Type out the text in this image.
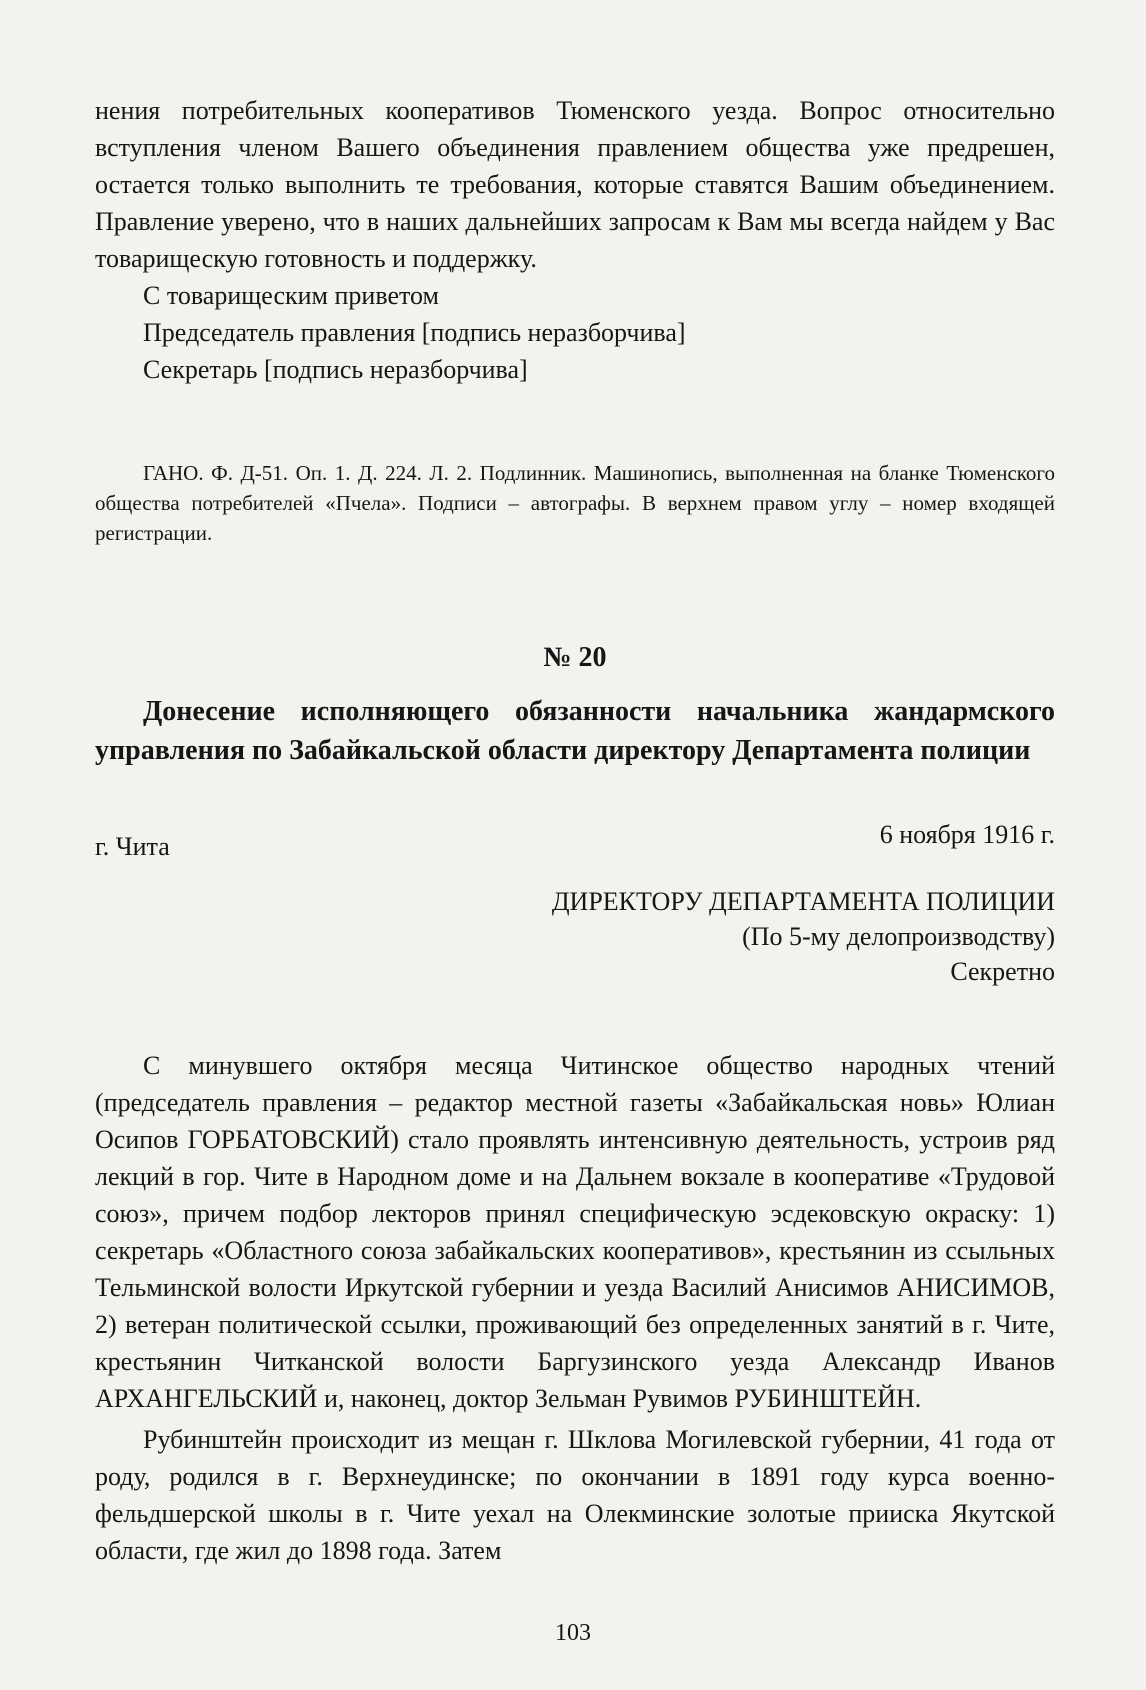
нения потребительных кооперативов Тюменского уезда. Вопрос относительно вступления членом Вашего объединения правлением общества уже предрешен, остается только выполнить те требования, которые ставятся Вашим объединением. Правление уверено, что в наших дальнейших запросам к Вам мы всегда найдем у Вас товарищескую готовность и поддержку.

С товарищеским приветом

Председатель правления [подпись неразборчива]

Секретарь [подпись неразборчива]

ГАНО. Ф. Д-51. Оп. 1. Д. 224. Л. 2. Подлинник. Машинопись, выполненная на бланке Тюменского общества потребителей «Пчела». Подписи – автографы. В верхнем правом углу – номер входящей регистрации.

№ 20
Донесение исполняющего обязанности начальника жандармского управления по Забайкальской области директору Департамента полиции
г. Чита	6 ноября 1916 г.
ДИРЕКТОРУ ДЕПАРТАМЕНТА ПОЛИЦИИ
(По 5-му делопроизводству)
Секретно

С минувшего октября месяца Читинское общество народных чтений (председатель правления – редактор местной газеты «Забайкальская новь» Юлиан Осипов ГОРБАТОВСКИЙ) стало проявлять интенсивную деятельность, устроив ряд лекций в гор. Чите в Народном доме и на Дальнем вокзале в кооперативе «Трудовой союз», причем подбор лекторов принял специфическую эсдековскую окраску: 1) секретарь «Областного союза забайкальских кооперативов», крестьянин из ссыльных Тельминской волости Иркутской губернии и уезда Василий Анисимов АНИСИМОВ, 2) ветеран политической ссылки, проживающий без определенных занятий в г. Чите, крестьянин Читканской волости Баргузинского уезда Александр Иванов АРХАНГЕЛЬСКИЙ и, наконец, доктор Зельман Рувимов РУБИНШТЕЙН.

Рубинштейн происходит из мещан г. Шклова Могилевской губернии, 41 года от роду, родился в г. Верхнеудинске; по окончании в 1891 году курса военно-фельдшерской школы в г. Чите уехал на Олекминские золотые прииска Якутской области, где жил до 1898 года. Затем

103
